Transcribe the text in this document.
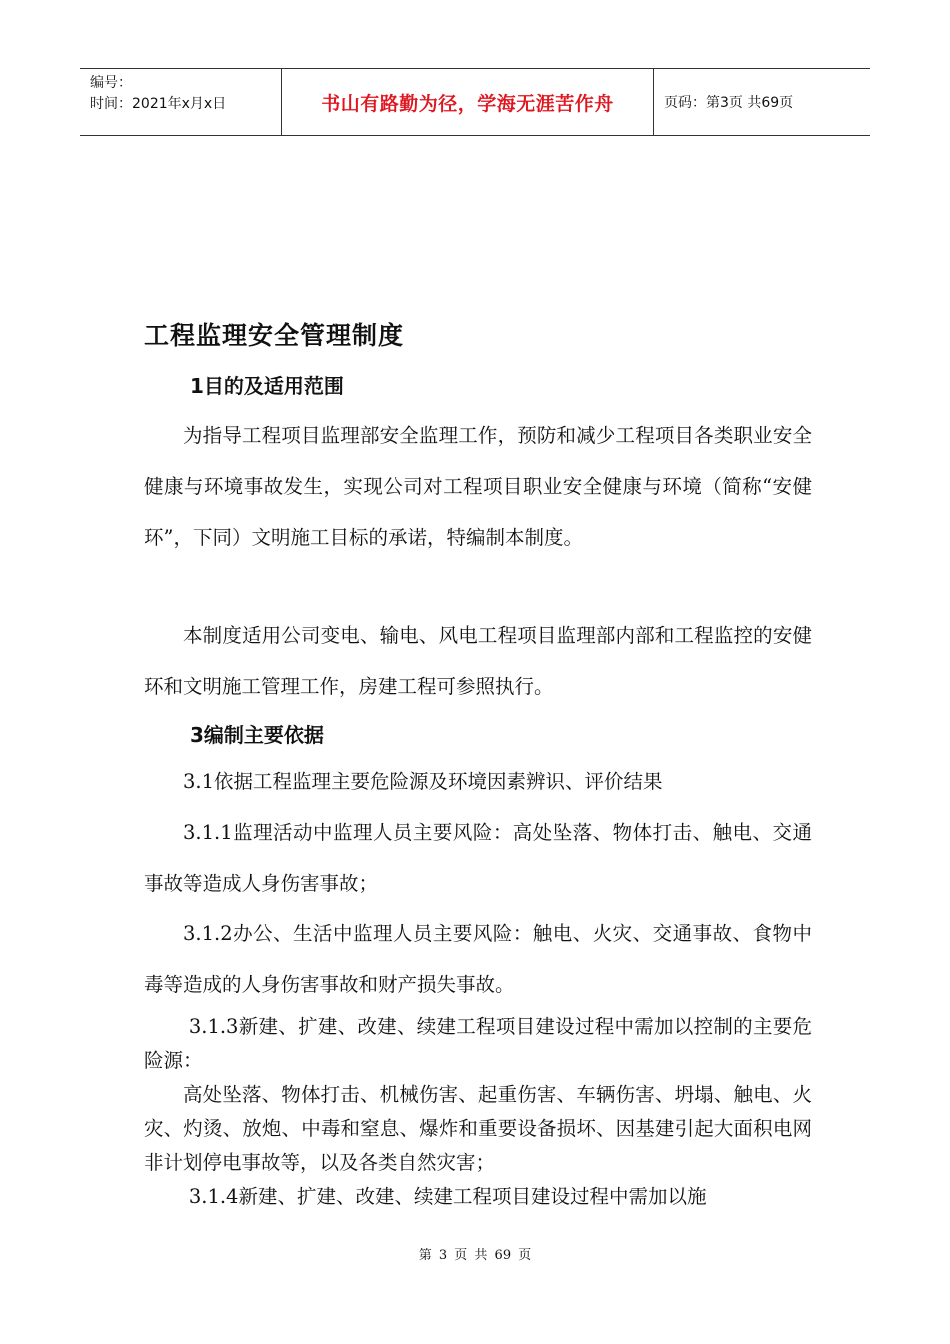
编号：
时间：2021年x月x日	书山有路勤为径，学海无涯苦作舟	页码：第3页 共69页
工程监理安全管理制度
1目的及适用范围

为指导工程项目监理部安全监理工作，预防和减少工程项目各类职业安全健康与环境事故发生，实现公司对工程项目职业安全健康与环境（简称“安健环”，下同）文明施工目标的承诺，特编制本制度。

本制度适用公司变电、输电、风电工程项目监理部内部和工程监控的安健环和文明施工管理工作，房建工程可参照执行。

3编制主要依据

3.1依据工程监理主要危险源及环境因素辨识、评价结果

3.1.1监理活动中监理人员主要风险：高处坠落、物体打击、触电、交通事故等造成人身伤害事故；

3.1.2办公、生活中监理人员主要风险：触电、火灾、交通事故、食物中毒等造成的人身伤害事故和财产损失事故。

3.1.3新建、扩建、改建、续建工程项目建设过程中需加以控制的主要危险源：

高处坠落、物体打击、机械伤害、起重伤害、车辆伤害、坍塌、触电、火灾、灼烫、放炮、中毒和窒息、爆炸和重要设备损坏、因基建引起大面积电网非计划停电事故等，以及各类自然灾害；

3.1.4新建、扩建、改建、续建工程项目建设过程中需加以施

第 3 页 共 69 页
